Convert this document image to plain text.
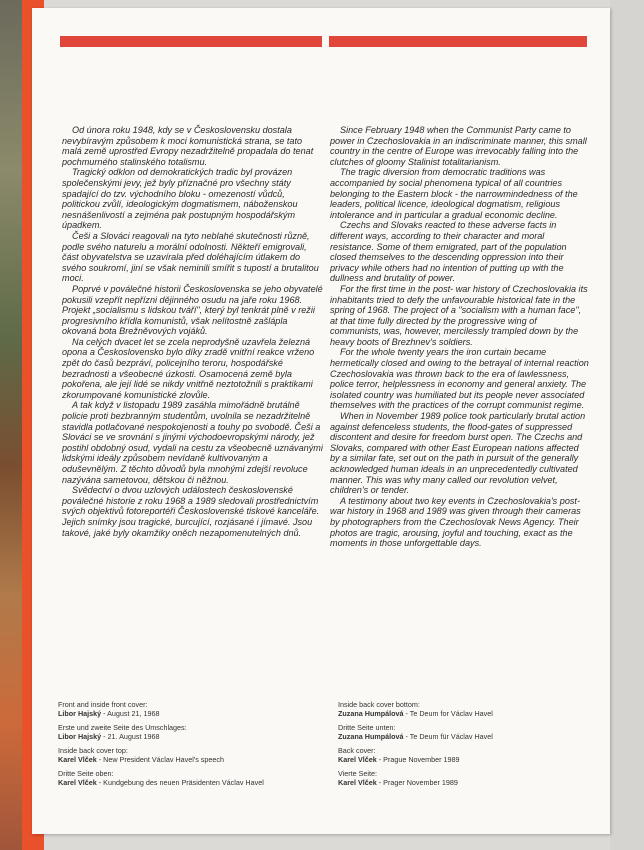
Od února roku 1948, kdy se v Československu dostala nevybíravým způsobem k moci komunistická strana, se tato malá země uprostřed Evropy nezadržitelně propadala do tenat pochmurného stalinského totalismu.

Tragický odklon od demokratických tradic byl provázen společenskými jevy, jež byly příznačné pro všechny státy spadající do tzv. východního bloku - omezeností vůdců, politickou zvůlí, ideologickým dogmatismem, náboženskou nesnášenlivostí a zejména pak postupným hospodářským úpadkem.

Češi a Slováci reagovali na tyto neblahé skutečnosti různě, podle svého naturelu a morální odolnosti. Někteří emigrovali, část obyvatelstva se uzavírala před doléhajícím útlakem do svého soukromí, jiní se však neminili smířit s tupostí a brutalitou moci.

Poprvé v poválečné historii Československa se jeho obyvatelé pokusili vzepřít nepřízni dějinného osudu na jaře roku 1968. Projekt „socialismu s lidskou tváří", který byl tenkrát plně v režii progresivního křídla komunistů, však nelítostně zašlápla okovaná bota Brežněvových vojáků.

Na celých dvacet let se zcela neprodyšně uzavřela železná opona a Československo bylo díky zradě vnitřní reakce vrženo zpět do časů bezpráví, policejního teroru, hospodářské bezradnosti a všeobecné úzkosti. Osamocená země byla pokořena, ale její lidé se nikdy vnitřně neztotožnili s praktikami zkorumpované komunistické zlovůle.

A tak když v listopadu 1989 zasáhla mimořádně brutálně policie proti bezbranným studentům, uvolnila se nezadržitelně stavidla potlačované nespokojenosti a touhy po svobodě. Češi a Slováci se ve srovnání s jinými východoevropskými národy, jež postihl obdobný osud, vydali na cestu za všeobecně uznávanými lidskými ideály způsobem nevídaně kultivovaným a oduševnělým. Z těchto důvodů byla mnohými zdejší revoluce nazývána sametovou, dětskou či něžnou.

Svědectví o dvou uzlových událostech československé poválečné historie z roku 1968 a 1989 sledovali prostřednictvím svých objektivů fotoreportéři Československé tiskové kanceláře. Jejich snímky jsou tragické, burcující, rozjásané i jímavé. Jsou takové, jaké byly okamžiky oněch nezapomenutelných dnů.

Since February 1948 when the Communist Party came to power in Czechoslovakia in an indiscriminate manner, this small country in the centre of Europe was irrevocably falling into the clutches of gloomy Stalinist totalitarianism.

The tragic diversion from democratic traditions was accompanied by social phenomena typical of all countries belonging to the Eastern block - the narrowmindedness of the leaders, political licence, ideological dogmatism, religious intolerance and in particular a gradual economic decline.

Czechs and Slovaks reacted to these adverse facts in different ways, according to their character and moral resistance. Some of them emigrated, part of the population closed themselves to the descending oppression into their privacy while others had no intention of putting up with the dullness and brutality of power.

For the first time in the post- war history of Czechoslovakia its inhabitants tried to defy the unfavourable historical fate in the spring of 1968. The project of a "socialism with a human face", at that time fully directed by the progressive wing of communists, was, however, mercilessly trampled down by the heavy boots of Brezhnev's soldiers.

For the whole twenty years the iron curtain became hermetically closed and owing to the betrayal of internal reaction Czechoslovakia was thrown back to the era of lawlessness, police terror, helplessness in economy and general anxiety. The isolated country was humiliated but its people never associated themselves with the practices of the corrupt communist regime.

When in November 1989 police took particularly brutal action against defenceless students, the flood-gates of suppressed discontent and desire for freedom burst open. The Czechs and Slovaks, compared with other East European nations affected by a similar fate, set out on the path in pursuit of the generally acknowledged human ideals in an unprecedentedly cultivated manner. This was why many called our revolution velvet, children's or tender.

A testimony about two key events in Czechoslovakia's post-war history in 1968 and 1989 was given through their cameras by photographers from the Czechoslovak News Agency. Their photos are tragic, arousing, joyful and touching, exact as the moments in those unforgettable days.

Front and inside front cover:
Libor Hajský - August 21, 1968
Erste und zweite Seite des Umschlages:
Libor Hajský - 21. August 1968
Inside back cover top:
Karel Vlček - New President Václav Havel's speech
Dritte Seite oben:
Karel Vlček - Kundgebung des neuen Präsidenten Václav Havel
Inside back cover bottom:
Zuzana Humpálová - Te Deum for Václav Havel
Dritte Seite unten:
Zuzana Humpálová - Te Deum für Václav Havel
Back cover:
Karel Vlček - Prague November 1989
Vierte Seite:
Karel Vlček - Prager November 1989
